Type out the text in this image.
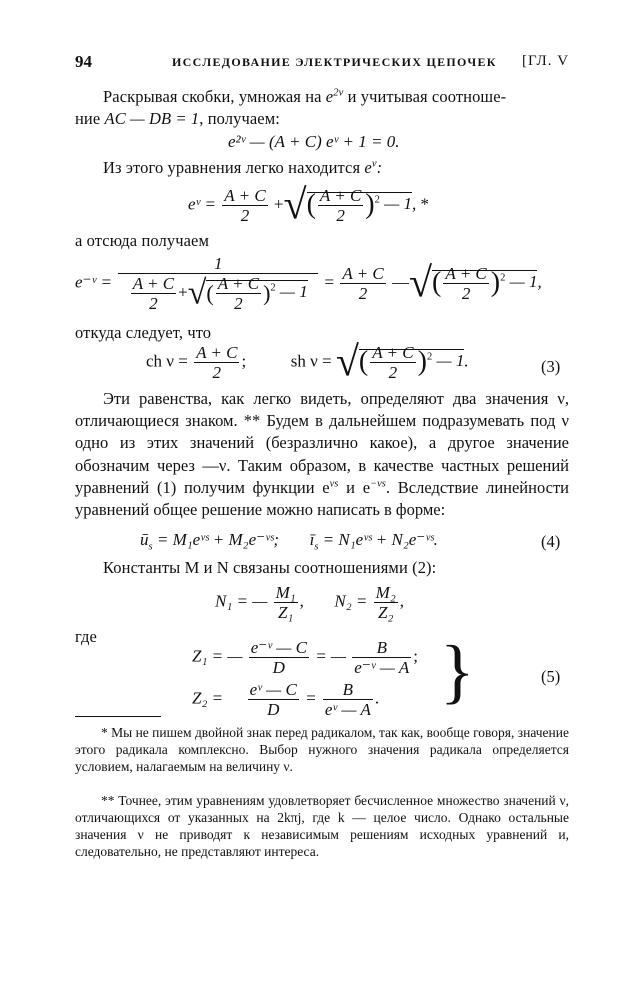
94	ИССЛЕДОВАНИЕ ЭЛЕКТРИЧЕСКИХ ЦЕПОЧЕК [ГЛ. V
Раскрывая скобки, умножая на $e^{2\nu}$ и учитывая соотноше-
ние AC — DB = 1, получаем:
e²ᵛ — (A + C) eᵛ + 1 = 0.
Из этого уравнения легко находится $e^\nu$:
eᵛ = $\frac{A + C}{2}$ +√( $\frac{A + C}{2} )^2$ — 1, *
а отсюда получаем
e⁻ᵛ = $\frac{1}{\frac{A + C}{2} +√( \frac{A + C}{2} )^2 — 1} = \frac{A + C}{2}$ —√( $\frac{A + C}{2} )^2$ — 1,
откуда следует, что
ch $\nu = \frac{A + C}{2}$ ;	sh ν = √( $\frac{A + C}{2} )^2$ — 1.	(3)

Эти равенства, как легко видеть, определяют два значения ν, отличающиеся знаком. ** Будем в дальнейшем подразумевать под ν одно из этих значений (безразлично какое), а другое значение обозначим через —ν. Таким образом, в качестве частных решений уравнений (1) получим функции $e^{\nu s}$ и $e^{-\nu s}$. Вследствие линейности уравнений общее решение можно написать в форме:

$ū_s$ = M₁eᵛˢ + M₂e⁻ᵛˢ; $ī_s$ = N₁eᵛˢ + N₂e⁻ᵛˢ.	(4)
Константы M и N связаны соотношениями (2):
N₁ = — $\frac{\text{M₁}}{\text{Z₁}}$ , $N_2 = \frac{\text{M₂}}{\text{Z₂}}$ ,
где
Z₁ = — $\frac{\text{e⁻ᵛ — C}}{D}$ = — $\frac{B}{\text{e⁻ᵛ — A}}$ ;
$Z_2 = \frac{\text{eᵛ — C}}{D} = \frac{B}{\text{eᵛ — A}}$ . }	(5)

* Мы не пишем двойной знак перед радикалом, так как, вообще говоря, значение этого радикала комплексно. Выбор нужного значения радикала определяется условием, налагаемым на величину ν.

** Точнее, этим уравнениям удовлетворяет бесчисленное множество значений ν, отличающихся от указанных на 2kπj, где k — целое число. Однако остальные значения ν не приводят к независимым решениям исходных уравнений и, следовательно, не представляют интереса.
